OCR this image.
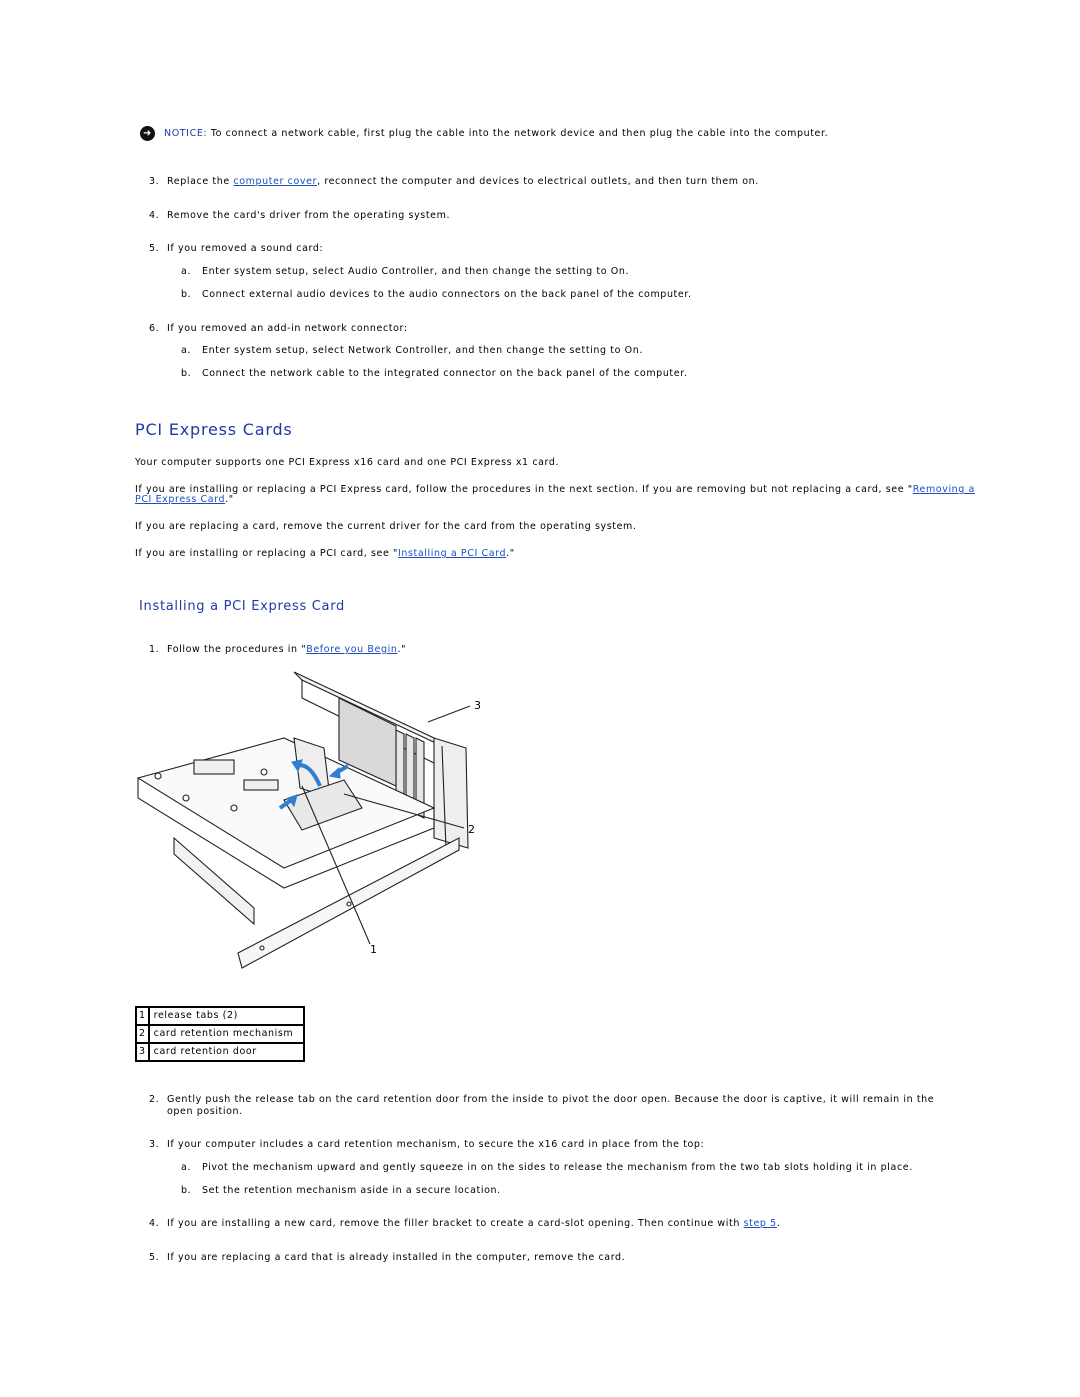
➜	NOTICE: To connect a network cable, first plug the cable into the network device and then plug the cable into the computer.
3. Replace the computer cover, reconnect the computer and devices to electrical outlets, and then turn them on.
4. Remove the card's driver from the operating system.
5. If you removed a sound card:
a. Enter system setup, select Audio Controller, and then change the setting to On.
b. Connect external audio devices to the audio connectors on the back panel of the computer.
6. If you removed an add-in network connector:
a. Enter system setup, select Network Controller, and then change the setting to On.
b. Connect the network cable to the integrated connector on the back panel of the computer.
PCI Express Cards
Your computer supports one PCI Express x16 card and one PCI Express x1 card.
If you are installing or replacing a PCI Express card, follow the procedures in the next section. If you are removing but not replacing a card, see "Removing a
PCI Express Card."
If you are replacing a card, remove the current driver for the card from the operating system.
If you are installing or replacing a PCI card, see "Installing a PCI Card."
Installing a PCI Express Card
1. Follow the procedures in "Before you Begin."
3
2
1
1	release tabs (2)
2	card retention mechanism
3	card retention door
2. Gently push the release tab on the card retention door from the inside to pivot the door open. Because the door is captive, it will remain in the open position.
3. If your computer includes a card retention mechanism, to secure the x16 card in place from the top:
a. Pivot the mechanism upward and gently squeeze in on the sides to release the mechanism from the two tab slots holding it in place.
b. Set the retention mechanism aside in a secure location.
4. If you are installing a new card, remove the filler bracket to create a card-slot opening. Then continue with step 5.
5. If you are replacing a card that is already installed in the computer, remove the card.
